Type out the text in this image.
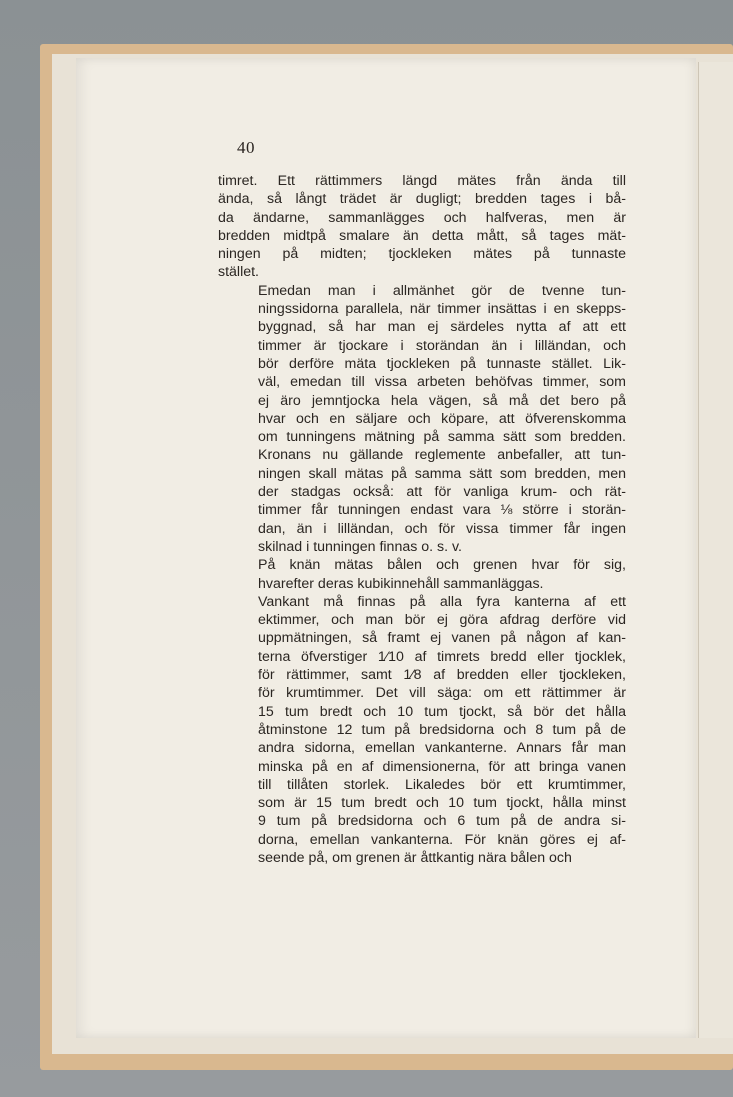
40
timret. Ett rättimmers längd mätes från ända till
ända, så långt trädet är dugligt; bredden tages i bå-
da ändarne, sammanlägges och halfveras, men är
bredden midtpå smalare än detta mått, så tages mät-
ningen på midten; tjockleken mätes på tunnaste
stället.
Emedan man i allmänhet gör de tvenne tun-
ningssidorna parallela, när timmer insättas i en skepps-
byggnad, så har man ej särdeles nytta af att ett
timmer är tjockare i storändan än i lilländan, och
bör derföre mäta tjockleken på tunnaste stället. Lik-
väl, emedan till vissa arbeten behöfvas timmer, som
ej äro jemntjocka hela vägen, så må det bero på
hvar och en säljare och köpare, att öfverenskomma
om tunningens mätning på samma sätt som bredden.
Kronans nu gällande reglemente anbefaller, att tun-
ningen skall mätas på samma sätt som bredden, men
der stadgas också: att för vanliga krum- och rät-
timmer får tunningen endast vara ⅛ större i storän-
dan, än i lilländan, och för vissa timmer får ingen
skilnad i tunningen finnas o. s. v.
På knän mätas bålen och grenen hvar för sig,
hvarefter deras kubikinnehåll sammanläggas.
Vankant må finnas på alla fyra kanterna af ett
ektimmer, och man bör ej göra afdrag derföre vid
uppmätningen, så framt ej vanen på någon af kan-
terna öfverstiger 1⁄10 af timrets bredd eller tjocklek,
för rättimmer, samt 1⁄8 af bredden eller tjockleken,
för krumtimmer. Det vill säga: om ett rättimmer är
15 tum bredt och 10 tum tjockt, så bör det hålla
åtminstone 12 tum på bredsidorna och 8 tum på de
andra sidorna, emellan vankanterne. Annars får man
minska på en af dimensionerna, för att bringa vanen
till tillåten storlek. Likaledes bör ett krumtimmer,
som är 15 tum bredt och 10 tum tjockt, hålla minst
9 tum på bredsidorna och 6 tum på de andra si-
dorna, emellan vankanterna. För knän göres ej af-
seende på, om grenen är åttkantig nära bålen och
